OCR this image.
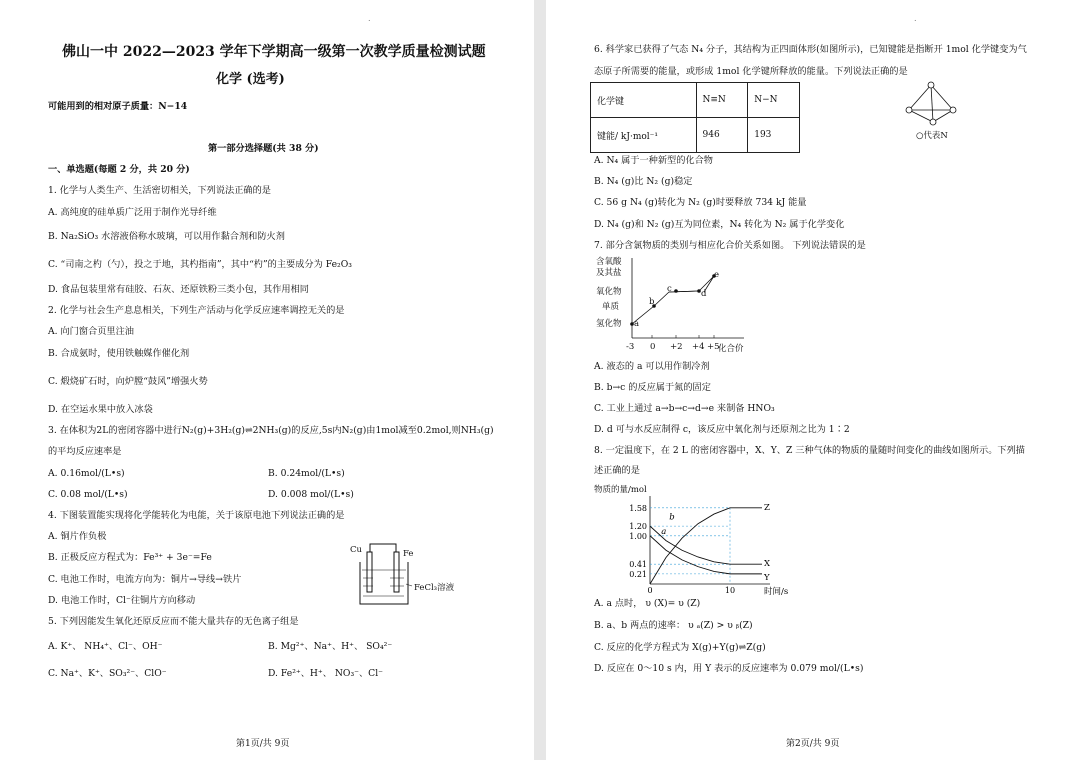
.
佛山一中 2022—2023 学年下学期高一级第一次教学质量检测试题
化学 (选考)
可能用到的相对原子质量：N−14
第一部分选择题(共 38 分)
一、单选题(每题 2 分，共 20 分)
1. 化学与人类生产、生活密切相关，下列说法正确的是
A. 高纯度的硅单质广泛用于制作光导纤维
B. Na₂SiO₃ 水溶液俗称水玻璃，可以用作黏合剂和防火剂
C. “司南之杓（勺），投之于地，其杓指南”，其中“杓”的主要成分为 Fe₂O₃
D. 食品包装里常有硅胶、石灰、还原铁粉三类小包，其作用相同
2. 化学与社会生产息息相关，下列生产活动与化学反应速率调控无关的是
A. 向门窗合页里注油
B. 合成氨时，使用铁触媒作催化剂
C. 煅烧矿石时，向炉膛“鼓风”增强火势
D. 在空运水果中放入冰袋
3. 在体积为2L的密闭容器中进行N₂(g)+3H₂(g)⇌2NH₃(g)的反应,5s内N₂(g)由1mol减至0.2mol,则NH₃(g)
的平均反应速率是
A. 0.16mol/(L•s)	B. 0.24mol/(L•s)
C. 0.08 mol/(L•s)	D. 0.008 mol/(L•s)
4. 下图装置能实现将化学能转化为电能，关于该原电池下列说法正确的是
A. 铜片作负极
B. 正极反应方程式为：Fe³⁺ + 3e⁻=Fe
C. 电池工作时，电流方向为：铜片→导线→铁片
D. 电池工作时，Cl⁻往铜片方向移动
Cu	Fe
FeCl₃溶液
5. 下列因能发生氧化还原反应而不能大量共存的无色离子组是
A. K⁺、 NH₄⁺、Cl⁻、OH⁻	B. Mg²⁺、Na⁺、H⁺、 SO₄²⁻
C. Na⁺、K⁺、SO₃²⁻、ClO⁻	D. Fe²⁺、H⁺、 NO₃⁻、Cl⁻
第1页/共 9页
.
6. 科学家已获得了气态 N₄ 分子，其结构为正四面体形(如图所示)，已知键能是指断开 1mol 化学键变为气
态原子所需要的能量，或形成 1mol 化学键所释放的能量。下列说法正确的是
化学键	N≡N	N−N
键能/ kJ·mol⁻¹	946	193	○代表N
A. N₄ 属于一种新型的化合物
B. N₄ (g)比 N₂ (g)稳定
C. 56 g N₄ (g)转化为 N₂ (g)时要释放 734 kJ 能量
D. N₄ (g)和 N₂ (g)互为同位素，N₄ 转化为 N₂ 属于化学变化
7. 部分含氯物质的类别与相应化合价关系如图。 下列说法错误的是
含氧酸
及其盐
氧化物
单质
氢化物 a
b
c	d
e
-3 0 +2 +4 +5
化合价
A. 液态的 a 可以用作制冷剂
B. b→c 的反应属于氮的固定
C. 工业上通过 a→b→c→d→e 来制备 HNO₃
D. d 可与水反应制得 c，该反应中氧化剂与还原剂之比为 1∶2
8. 一定温度下，在 2 L 的密闭容器中，X、Y、Z 三种气体的物质的量随时间变化的曲线如图所示。下列描
述正确的是
物质的量/mol
1.58
1.20
1.00
0.41
0.21
0	10	时间/s
Z
X
Y
a
b
A. a 点时， υ (X)= υ (Z)
B. a、b 两点的速率： υ ₐ(Z) > υ ᵦ(Z)
C. 反应的化学方程式为 X(g)+Y(g)⇌Z(g)
D. 反应在 0～10 s 内，用 Y 表示的反应速率为 0.079 mol/(L•s)
第2页/共 9页
